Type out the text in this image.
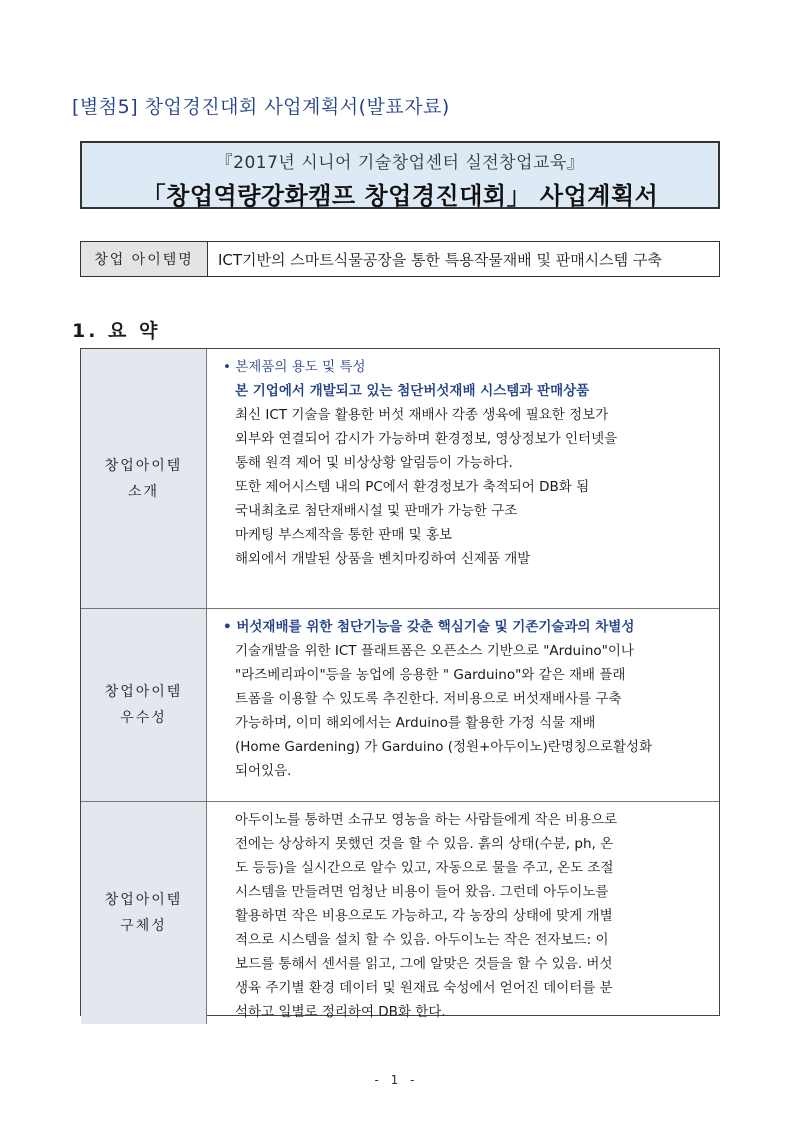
[별첨5] 창업경진대회 사업계획서(발표자료)
『2017년 시니어 기술창업센터 실전창업교육』
「창업역량강화캠프 창업경진대회」 사업계획서
창업 아이템명	ICT기반의 스마트식물공장을 통한 특용작물재배 및 판매시스템 구축
1. 요 약
창업아이템
소개
• 본제품의 용도 및 특성
본 기업에서 개발되고 있는 첨단버섯재배 시스템과 판매상품
최신 ICT 기술을 활용한 버섯 재배사 각종 생육에 필요한 정보가
외부와 연결되어 감시가 가능하며 환경정보, 영상정보가 인터넷을
통해 원격 제어 및 비상상황 알림등이 가능하다.
또한 제어시스템 내의 PC에서 환경정보가 축적되어 DB화 됨
국내최초로 첨단재배시설 및 판매가 가능한 구조
마케팅 부스제작을 통한 판매 및 홍보
해외에서 개발된 상품을 벤치마킹하여 신제품 개발
창업아이템
우수성
• 버섯재배를 위한 첨단기능을 갖춘 핵심기술 및 기존기술과의 차별성
기술개발을 위한 ICT 플래트폼은 오픈소스 기반으로 "Arduino"이나
"라즈베리파이"등을 농업에 응용한 " Garduino"와 같은 재배 플래
트폼을 이용할 수 있도록 추진한다. 저비용으로 버섯재배사를 구축
가능하며, 이미 해외에서는 Arduino를 활용한 가정 식물 재배
(Home Gardening) 가 Garduino (정원+아두이노)란명칭으로활성화
되어있음.
창업아이템
구체성
아두이노를 통하면 소규모 영농을 하는 사람들에게 작은 비용으로
전에는 상상하지 못했던 것을 할 수 있음. 흙의 상태(수분, ph, 온
도 등등)을 실시간으로 알수 있고, 자동으로 물을 주고, 온도 조절
시스템을 만들려면 엄청난 비용이 들어 왔음. 그런데 아두이노를
활용하면 작은 비용으로도 가능하고, 각 농장의 상태에 맞게 개별
적으로 시스템을 설치 할 수 있음. 아두이노는 작은 전자보드: 이
보드를 통해서 센서를 읽고, 그에 알맞은 것들을 할 수 있음. 버섯
생육 주기별 환경 데이터 및 원재료 숙성에서 얻어진 데이터를 분
석하고 일별로 정리하여 DB화 한다.
- 1 -
